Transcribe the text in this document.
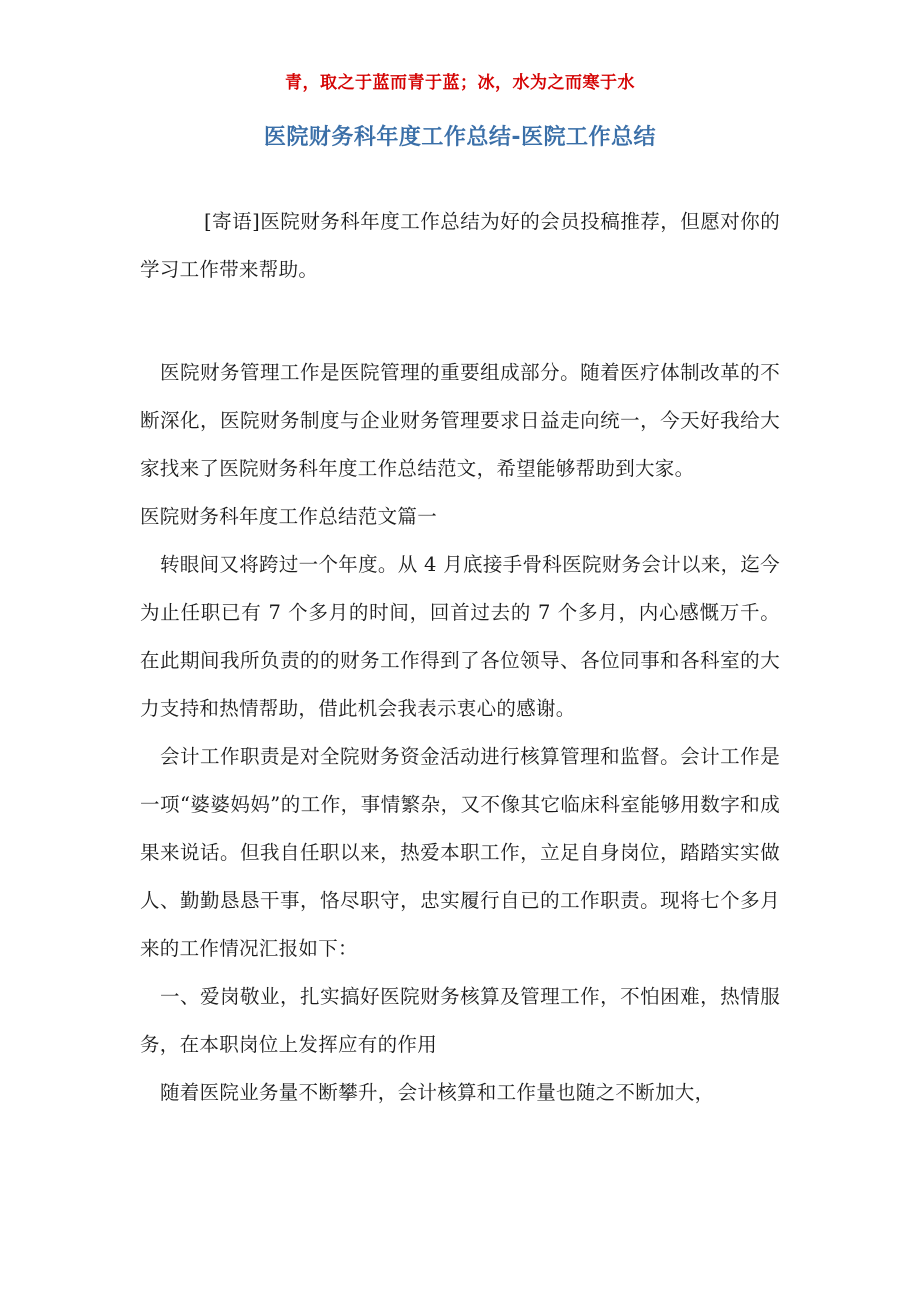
青，取之于蓝而青于蓝；冰，水为之而寒于水
医院财务科年度工作总结-医院工作总结

[寄语]医院财务科年度工作总结为好的会员投稿推荐，但愿对你的学习工作带来帮助。

医院财务管理工作是医院管理的重要组成部分。随着医疗体制改革的不断深化，医院财务制度与企业财务管理要求日益走向统一，今天好我给大家找来了医院财务科年度工作总结范文，希望能够帮助到大家。

医院财务科年度工作总结范文篇一

转眼间又将跨过一个年度。从 4 月底接手骨科医院财务会计以来，迄今为止任职已有 7 个多月的时间，回首过去的 7 个多月，内心感慨万千。在此期间我所负责的的财务工作得到了各位领导、各位同事和各科室的大力支持和热情帮助，借此机会我表示衷心的感谢。

会计工作职责是对全院财务资金活动进行核算管理和监督。会计工作是一项“婆婆妈妈”的工作，事情繁杂，又不像其它临床科室能够用数字和成果来说话。但我自任职以来，热爱本职工作，立足自身岗位，踏踏实实做人、勤勤恳恳干事，恪尽职守，忠实履行自已的工作职责。现将七个多月来的工作情况汇报如下：

一、爱岗敬业，扎实搞好医院财务核算及管理工作，不怕困难，热情服务，在本职岗位上发挥应有的作用

随着医院业务量不断攀升，会计核算和工作量也随之不断加大，
